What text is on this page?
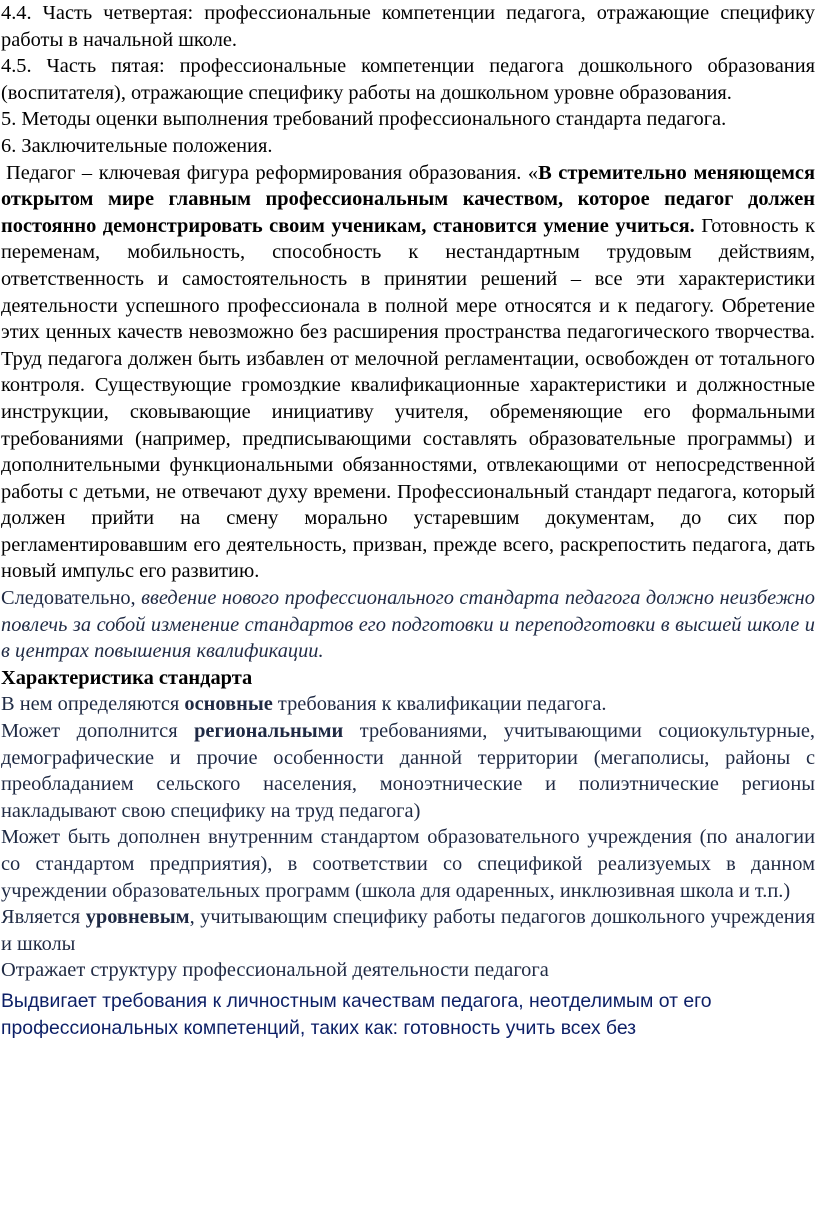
4.4. Часть четвертая: профессиональные компетенции педагога, отражающие специфику работы в начальной школе.

4.5. Часть пятая: профессиональные компетенции педагога дошкольного образования (воспитателя), отражающие специфику работы на дошкольном уровне образования.

5. Методы оценки выполнения требований профессионального стандарта педагога.

6. Заключительные положения.

Педагог – ключевая фигура реформирования образования. «В стремительно меняющемся открытом мире главным профессиональным качеством, которое педагог должен постоянно демонстрировать своим ученикам, становится умение учиться. Готовность к переменам, мобильность, способность к нестандартным трудовым действиям, ответственность и самостоятельность в принятии решений – все эти характеристики деятельности успешного профессионала в полной мере относятся и к педагогу. Обретение этих ценных качеств невозможно без расширения пространства педагогического творчества. Труд педагога должен быть избавлен от мелочной регламентации, освобожден от тотального контроля. Существующие громоздкие квалификационные характеристики и должностные инструкции, сковывающие инициативу учителя, обременяющие его формальными требованиями (например, предписывающими составлять образовательные программы) и дополнительными функциональными обязанностями, отвлекающими от непосредственной работы с детьми, не отвечают духу времени. Профессиональный стандарт педагога, который должен прийти на смену морально устаревшим документам, до сих пор регламентировавшим его деятельность, призван, прежде всего, раскрепостить педагога, дать новый импульс его развитию.

Следовательно, введение нового профессионального стандарта педагога должно неизбежно повлечь за собой изменение стандартов его подготовки и переподготовки в высшей школе и в центрах повышения квалификации.

Характеристика стандарта

В нем определяются основные требования к квалификации педагога.

Может дополнится региональными требованиями, учитывающими социокультурные, демографические и прочие особенности данной территории (мегаполисы, районы с преобладанием сельского населения, моноэтнические и полиэтнические регионы накладывают свою специфику на труд педагога)

Может быть дополнен внутренним стандартом образовательного учреждения (по аналогии со стандартом предприятия), в соответствии со спецификой реализуемых в данном учреждении образовательных программ (школа для одаренных, инклюзивная школа и т.п.)

Является уровневым, учитывающим специфику работы педагогов дошкольного учреждения и школы

Отражает структуру профессиональной деятельности педагога

Выдвигает требования к личностным качествам педагога, неотделимым от его профессиональных компетенций, таких как: готовность учить всех без
